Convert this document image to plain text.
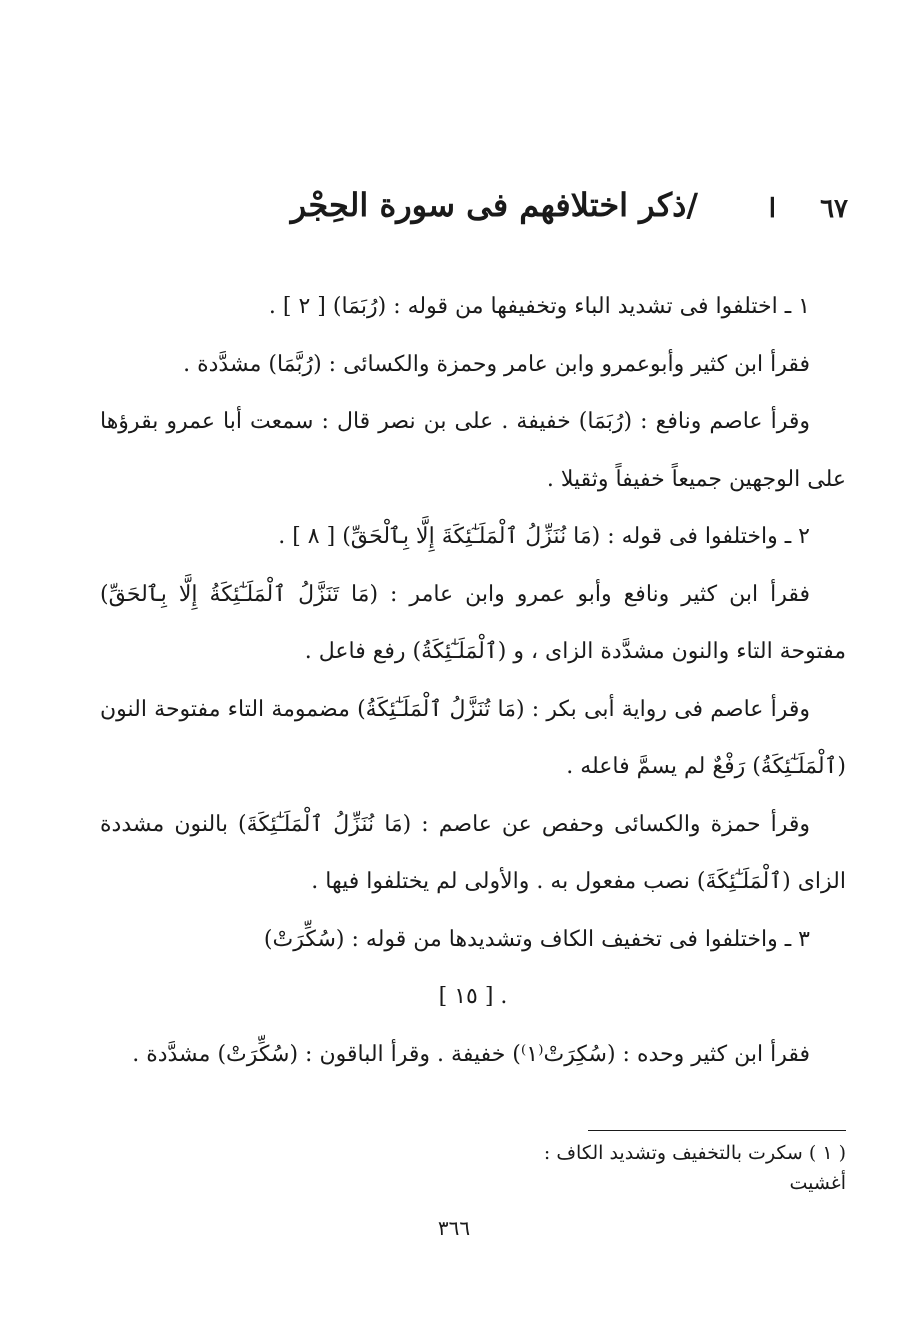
٦٧
ا
/ذكر اختلافهم فى سورة الحِجْر

١ ـ اختلفوا فى تشديد الباء وتخفيفها من قوله : (رُبَمَا) [ ٢ ] .

فقرأ ابن كثير وأبوعمرو وابن عامر وحمزة والكسائى : (رُبَّمَا) مشدَّدة .

وقرأ عاصم ونافع : (رُبَمَا) خفيفة . على بن نصر قال : سمعت أبا عمرو بقرؤها على الوجهين جميعاً خفيفاً وثقيلا .

٢ ـ واختلفوا فى قوله : (مَا نُنَزِّلُ ٱلْمَلَـٰٓئِكَةَ إِلَّا بِٱلْحَقِّ) [ ٨ ] .

فقرأ ابن كثير ونافع وأبو عمرو وابن عامر : (مَا تَنَزَّلُ ٱلْمَلَـٰٓئِكَةُ إِلَّا بِٱلحَقِّ) مفتوحة التاء والنون مشدَّدة الزاى ، و (ٱلْمَلَـٰٓئِكَةُ) رفع فاعل .

وقرأ عاصم فى رواية أبى بكر : (مَا تُنَزَّلُ ٱلْمَلَـٰٓئِكَةُ) مضمومة التاء مفتوحة النون (ٱلْمَلَـٰٓئِكَةُ) رَفْعٌ لم يسمَّ فاعله .

وقرأ حمزة والكسائى وحفص عن عاصم : (مَا نُنَزِّلُ ٱلْمَلَـٰٓئِكَةَ) بالنون مشددة الزاى (ٱلْمَلَـٰٓئِكَةَ) نصب مفعول به . والأولى لم يختلفوا فيها .

٣ ـ واختلفوا فى تخفيف الكاف وتشديدها من قوله : (سُكِّرَتْ)

. [ ١٥ ]

فقرأ ابن كثير وحده : (سُكِرَتْ⁽١⁾) خفيفة . وقرأ الباقون : (سُكِّرَتْ) مشدَّدة .

( ١ ) سكرت بالتخفيف وتشديد الكاف :

أغشيت

٣٦٦
